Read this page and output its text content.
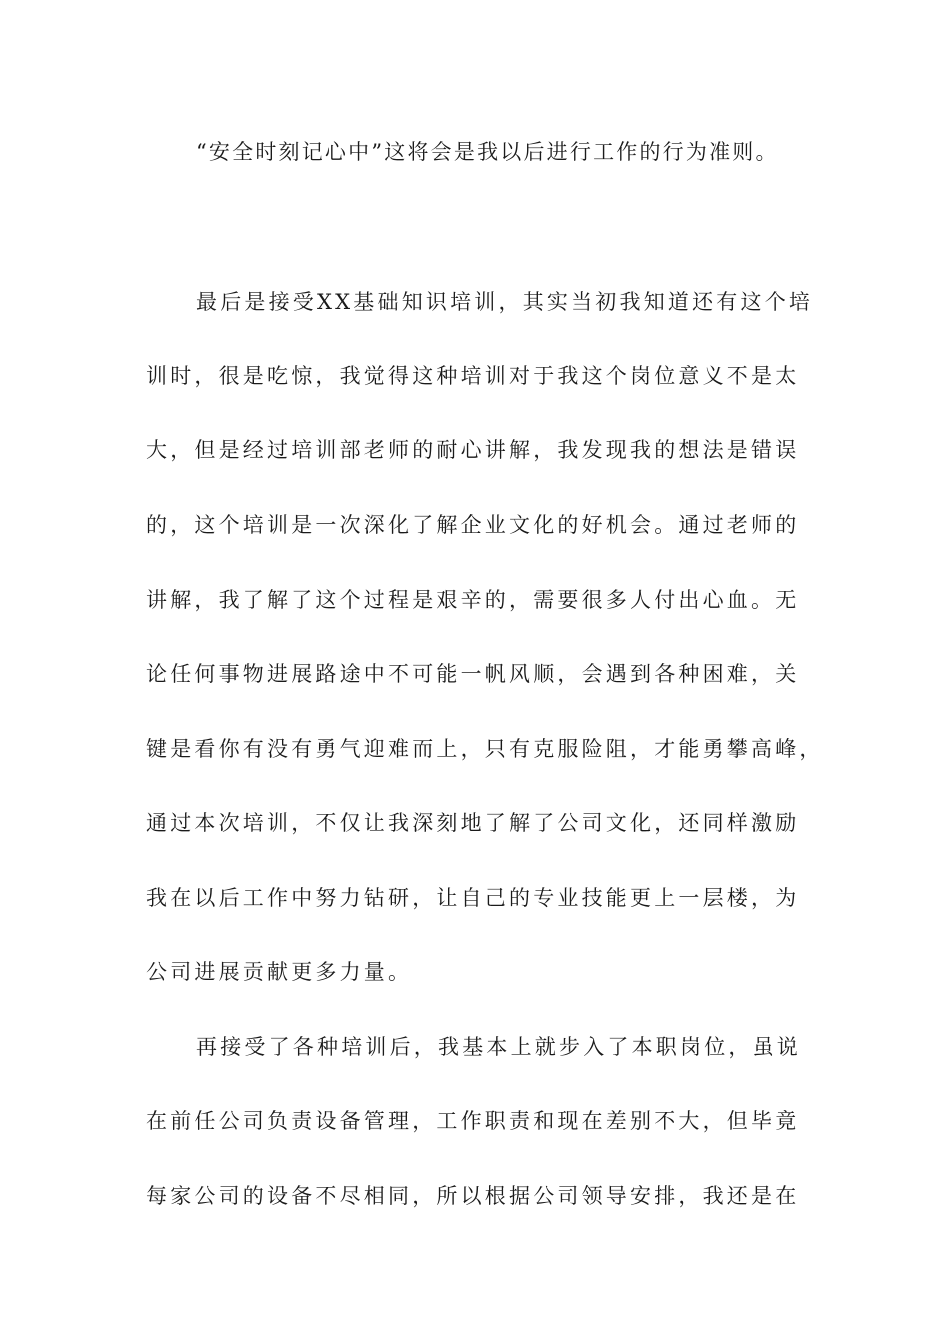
“安全时刻记心中”这将会是我以后进行工作的行为准则。
最后是接受XX基础知识培训，其实当初我知道还有这个培
训时，很是吃惊，我觉得这种培训对于我这个岗位意义不是太
大，但是经过培训部老师的耐心讲解，我发现我的想法是错误
的，这个培训是一次深化了解企业文化的好机会。通过老师的
讲解，我了解了这个过程是艰辛的，需要很多人付出心血。无
论任何事物进展路途中不可能一帆风顺，会遇到各种困难，关
键是看你有没有勇气迎难而上，只有克服险阻，才能勇攀高峰，
通过本次培训，不仅让我深刻地了解了公司文化，还同样激励
我在以后工作中努力钻研，让自己的专业技能更上一层楼，为
公司进展贡献更多力量。
再接受了各种培训后，我基本上就步入了本职岗位，虽说
在前任公司负责设备管理，工作职责和现在差别不大，但毕竟
每家公司的设备不尽相同，所以根据公司领导安排，我还是在
